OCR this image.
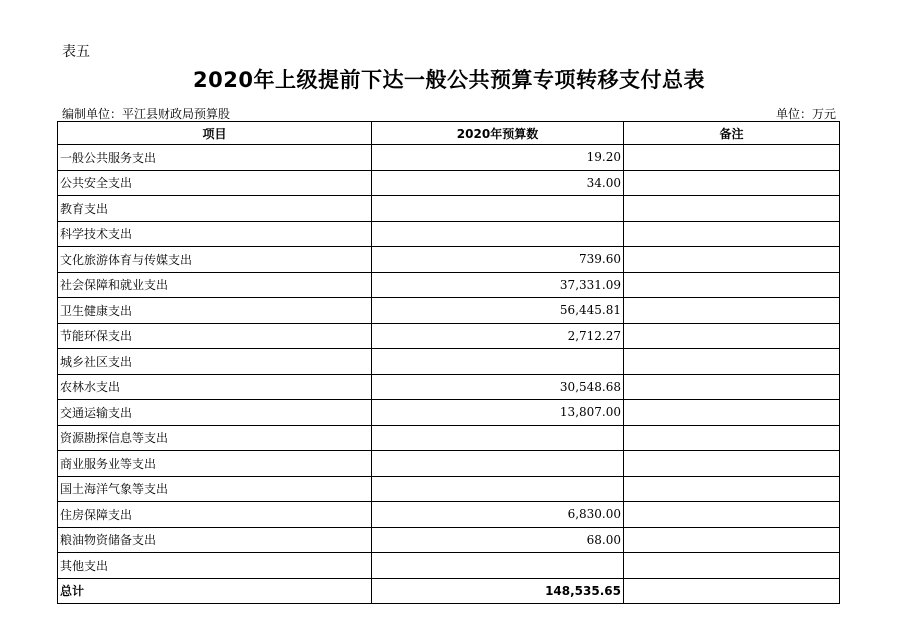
表五
2020年上级提前下达一般公共预算专项转移支付总表
编制单位：平江县财政局预算股	单位：万元
项目	2020年预算数	备注
一般公共服务支出	19.20	
公共安全支出	34.00	
教育支出		
科学技术支出		
文化旅游体育与传媒支出	739.60	
社会保障和就业支出	37,331.09	
卫生健康支出	56,445.81	
节能环保支出	2,712.27	
城乡社区支出		
农林水支出	30,548.68	
交通运输支出	13,807.00	
资源勘探信息等支出		
商业服务业等支出		
国土海洋气象等支出		
住房保障支出	6,830.00	
粮油物资储备支出	68.00	
其他支出		
总计	148,535.65	
